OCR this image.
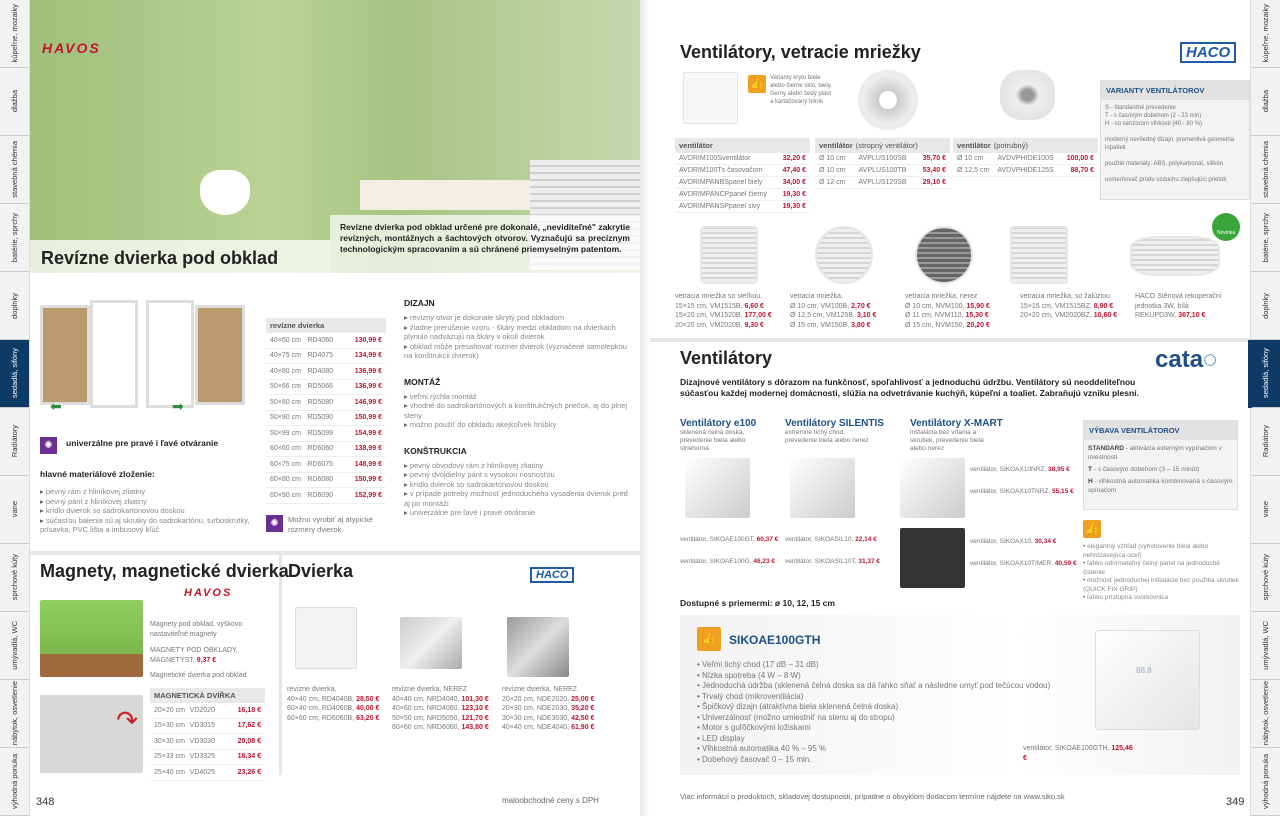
kúpeľne, mozaiky
dlažba
stavebná chémia
batérie, sprchy
doplnky
sedadlá, sifóny
Radiátory
vane
sprchové kúty
umývadlá, WC
nábytok, osvetlenie
výhodná ponuka
kúpeľne, mozaiky
dlažba
stavebná chémia
batérie, sprchy
doplnky
sedadlá, sifóny
Radiátory
vane
sprchové kúty
umývadlá, WC
nábytok, osvetlenie
výhodná ponuka
HAVOS
Revízne dvierka pod obklad
Revízne dvierka pod obklad určené pre dokonalé, „neviditeľné" zakrytie revízných, montážnych a šachtových otvorov. Vyznačujú sa precíznym technologickým spracovaním a sú chránené priemyselným patentom.
⬅	➡
✺	univerzálne pre pravé i ľavé otváranie
hlavné materiálové zloženie:
▸ pevný rám z hliníkovej zliatiny
▸ pevný pánt z hliníkovej zliatiny
▸ krídlo dvierok so sadrokartónovou doskou
▸ súčasťou balenia sú aj skrutky do sadrokartónu, turboskrutky, prísavka, PVC lišta a imbusový kľúč
revízne dvierka
40×60 cm RD4060	130,99 €
40×75 cm RD4075	134,99 €
40×80 cm RD4080	136,99 €
50×66 cm RD5066	136,99 €
50×80 cm RD5080	146,99 €
50×90 cm RD5090	150,99 €
50×99 cm RD5099	154,99 €
60×60 cm RD6060	138,99 €
60×75 cm RD6075	148,99 €
60×80 cm RD6080	150,99 €
60×90 cm RD6090	152,99 €
✺	Možno vyrobiť aj atypické rozmery dvierok.
DIZAJN
▸ revízny otvor je dokonale skrytý pod obkladom
▸ žiadne prerušenie vzoru - škáry medzi obkladom na dvierkach plynulo nadväzujú na škáry v okolí dvierok
▸ obklad môže presahovať rozmer dvierok (vyznačené samolepkou na konštrukcii dvierok)
MONTÁŽ
▸ veľmi rýchla montáž
▸ vhodné do sadrokartónových a konštrukčných priečok, aj do plnej steny
▸ možno použiť do obkladu akejkoľvek hrúbky
KONŠTRUKCIA
▸ pevný obvodový rám z hliníkovej zliatiny
▸ pevný dvojdielny pánt s vysokou nosnosťou
▸ krídlo dvierok so sadrokartónovou doskou
▸ v prípade potreby možnosť jednoduchého vysadenia dvierok pred aj po montáži
▸ univerzálne pre ľavé i pravé otváranie
Magnety, magnetické dvierka
HAVOS
↷
Magnety pod obklad, výškovo nastaviteľné magnety
MAGNETY POD OBKLADY, MAGNETYST, 9,37 €
Magnetické dvierka pod obklad
MAGNETICKÁ DVÍŘKA
20×20 cm VD2020	16,18 €
15×30 cm VD3015	17,62 €
30×30 cm VD3030	20,08 €
25×33 cm VD3325	18,34 €
25×40 cm VD4025	23,26 €
Dvierka	HACO
revízne dvierka,
40×40 cm, RD4040B, 28,50 €
60×40 cm, RD4060B, 40,00 €
60×60 cm, RD6060B, 63,20 €
revízne dvierka, NEREZ
40×40 cm, NRD4040, 101,30 €
40×60 cm, NRD4060, 123,10 €
50×50 cm, NRD5050, 121,70 €
60×60 cm, NRD6060, 143,80 €
revízne dvierka, NEREZ
20×20 cm, NDE2020, 25,00 €
20×30 cm, NDE2030, 35,20 €
30×30 cm, NDE3030, 42,50 €
40×40 cm, NDE4040, 61,90 €
348	maloobchodné ceny s DPH
Ventilátory, vetracie mriežky	HACO
👍	Varianty krytu biele alebo čierne sklo, biely, čierny alebo šedý plast a kartáčovaný hliník
ventilátor
AVDRIM100S ventilátor	32,20 €
AVDRIM100T s časovačom	47,40 €
AVDRIMPANBS panel biely	34,00 €
AVDRIMPANCP panel čierny	19,30 €
AVDRIMPANSP panel sivý	19,30 €
ventilátor (stropný ventilátor)
Ø 10 cm	AVPLUS100SB	35,70 €
Ø 10 cm	AVPLUS100TB	53,40 €
Ø 12 cm	AVPLUS120SB	29,10 €
ventilátor (potrubný)
Ø 10 cm	AVDVPHIDE100S	100,00 €
Ø 12,5 cm	AVDVPHIDE125S	88,70 €
VARIANTY VENTILÁTOROV
S - štandardné prevedenie
T - s časovým dobehom (2 - 23 min)
H - so senzorom vlhkosti (40 - 80 %)
moderný nevšedný dizajn, premenlivá geometria lopatiek
použité materiály: ABS, polykarbonát, silikón
usmerňovač prúdu vzduchu zlepšujúci prietok
Novinka
vetracia mriežka so sieťkou,
15×15 cm, VM1515B, 6,60 €
15×20 cm, VM1520B, 177,00 €
20×20 cm, VM2020B, 9,30 €
vetracia mriežka,
Ø 10 cm, VM100B, 2,70 €
Ø 12,5 cm, VM125B, 3,10 €
Ø 15 cm, VM150B, 3,80 €
vetracia mriežka, nerez
Ø 10 cm, NVM100, 15,90 €
Ø 11 cm, NVM110, 15,30 €
Ø 15 cm, NVM150, 20,20 €
vetracia mriežka, so žalúziou
15×15 cm, VM1515BZ, 8,90 €
20×20 cm, VM2020BZ, 10,60 €
HACO Stěnová rekuperační jednotka 3W, bílá
REKUPD3W, 367,10 €
Ventilátory	cata◌
Dizajnové ventilátory s dôrazom na funkčnosť, spoľahlivosť a jednoduchú údržbu. Ventilátory sú neoddeliteľnou súčasťou každej modernej domácnosti, slúžia na odvetrávanie kuchýň, kúpeľní a toaliet. Zabraňujú vzniku plesní.
Ventilátory e100
sklenená čelná doska, prevedenie biela alebo strieborná
ventilátor, SIKOAE100GT, 60,37 €
ventilátor, SIKOAE100G, 46,23 €
Ventilátory SILENTIS
extrémne tichý chod, prevedenie biela alebo nerez
ventilátor, SIKOASIL10, 22,14 €
ventilátor, SIKOASIL10T, 31,37 €
Ventilátory X-MART
inštalácia bez vŕtania a skrutiek, prevedenie biela alebo nerez
ventilátor, SIKOAX10NRZ, 38,95 €
ventilátor, SIKOAX10TNRZ, 55,15 €
ventilátor, SIKOAX10, 30,34 €
ventilátor, SIKOAX10TIMER, 40,59 €
VÝBAVA VENTILÁTOROV
STANDARD - aktivácia externým vypínačom v miestnosti
T - s časovým dobehom (3 – 15 minút)
H - vlhkostná automatika kombinovaná s časovým spínačom
👍
• elegantný vzhľad (vyhotovenie biela alebo nehrdzavejúca oceľ)
• ľahko odnímateľný čelný panel na jednoduché čistenie
• možnosť jednoduchej inštalácie bez použitia skrutiek (QUICK FIX GRIP)
• ľahko prístupná svorkovnica
Dostupné s priemermi: ø 10, 12, 15 cm
👍	SIKOAE100GTH
• Veľmi tichý chod (17 dB – 31 dB)
• Nízka spotreba (4 W – 8 W)
• Jednoduchá údržba (sklenená čelná doska sa dá ľahko sňať a následne umyť pod tečúcou vodou)
• Trvalý chod (mikroventilácia)
• Špičkový dizajn (atraktívna biela sklenená čelná doska)
• Univerzálnosť (možno umiestniť na stenu aj do stropu)
• Motor s guľôčkovými ložiskami
• LED display
• Vlhkostná automatika 40 % – 95 %
• Dobehový časovač 0 – 15 min.
88.8
ventilátor, SIKOAE100GTH, 125,46 €
Viac informácií o produktoch, skladovej dostupnosti, prípadne o obvyklom dodacom termíne nájdete na www.siko.sk	349
